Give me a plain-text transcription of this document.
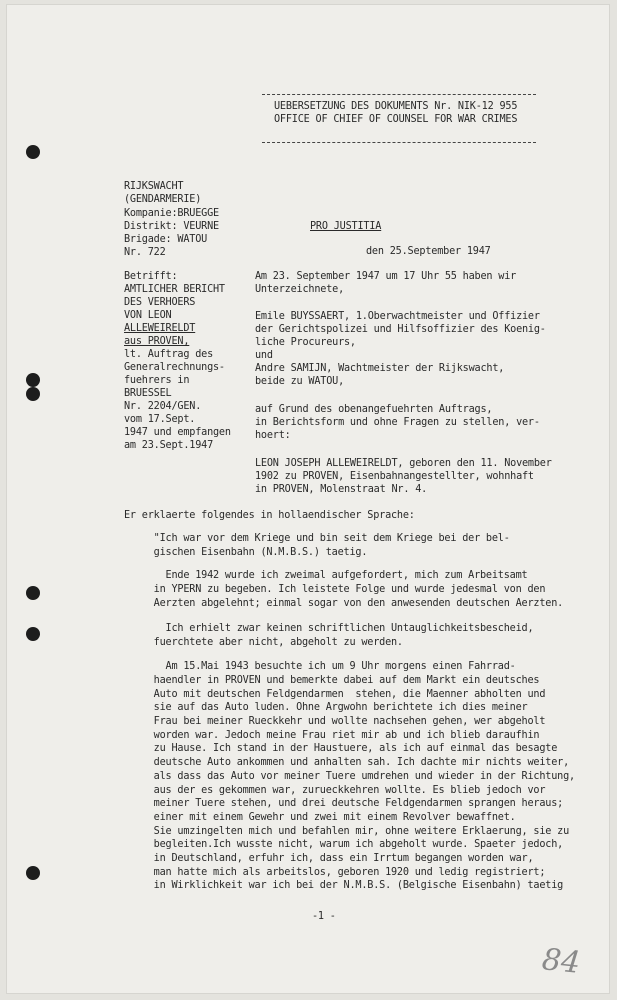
UEBERSETZUNG DES DOKUMENTS Nr. NIK-12 955
OFFICE OF CHIEF OF COUNSEL FOR WAR CRIMES
RIJKSWACHT
(GENDARMERIE)
Kompanie:BRUEGGE
Distrikt: VEURNE
Brigade: WATOU
Nr. 722
PRO JUSTITIA
den 25.September 1947
Betrifft:
AMTLICHER BERICHT
DES VERHOERS
VON LEON
ALLEWEIRELDT
aus PROVEN,
lt. Auftrag des
Generalrechnungs-
fuehrers in
BRUESSEL
Nr. 2204/GEN.
vom 17.Sept.
1947 und empfangen
am 23.Sept.1947
Am 23. September 1947 um 17 Uhr 55 haben wir
Unterzeichnete,
Emile BUYSSAERT, 1.Oberwachtmeister und Offizier
der Gerichtspolizei und Hilfsoffizier des Koenig-
liche Procureurs,
und
Andre SAMIJN, Wachtmeister der Rijkswacht,
beide zu WATOU,
auf Grund des obenangefuehrten Auftrags,
in Berichtsform und ohne Fragen zu stellen, ver-
hoert:
LEON JOSEPH ALLEWEIRELDT, geboren den 11. November
1902 zu PROVEN, Eisenbahnangestellter, wohnhaft
in PROVEN, Molenstraat Nr. 4.
Er erklaerte folgendes in hollaendischer Sprache:
"Ich war vor dem Kriege und bin seit dem Kriege bei der bel-
gischen Eisenbahn (N.M.B.S.) taetig.
Ende 1942 wurde ich zweimal aufgefordert, mich zum Arbeitsamt
in YPERN zu begeben. Ich leistete Folge und wurde jedesmal von den
Aerzten abgelehnt; einmal sogar von den anwesenden deutschen Aerzten.
Ich erhielt zwar keinen schriftlichen Untauglichkeitsbescheid,
fuerchtete aber nicht, abgeholt zu werden.
Am 15.Mai 1943 besuchte ich um 9 Uhr morgens einen Fahrrad-
haendler in PROVEN und bemerkte dabei auf dem Markt ein deutsches
Auto mit deutschen Feldgendarmen  stehen, die Maenner abholten und
sie auf das Auto luden. Ohne Argwohn berichtete ich dies meiner
Frau bei meiner Rueckkehr und wollte nachsehen gehen, wer abgeholt
worden war. Jedoch meine Frau riet mir ab und ich blieb daraufhin
zu Hause. Ich stand in der Haustuere, als ich auf einmal das besagte
deutsche Auto ankommen und anhalten sah. Ich dachte mir nichts weiter,
als dass das Auto vor meiner Tuere umdrehen und wieder in der Richtung,
aus der es gekommen war, zurueckkehren wollte. Es blieb jedoch vor
meiner Tuere stehen, und drei deutsche Feldgendarmen sprangen heraus;
einer mit einem Gewehr und zwei mit einem Revolver bewaffnet.
Sie umzingelten mich und befahlen mir, ohne weitere Erklaerung, sie zu
begleiten.Ich wusste nicht, warum ich abgeholt wurde. Spaeter jedoch,
in Deutschland, erfuhr ich, dass ein Irrtum begangen worden war,
man hatte mich als arbeitslos, geboren 1920 und ledig registriert;
in Wirklichkeit war ich bei der N.M.B.S. (Belgische Eisenbahn) taetig
-1 -
84
